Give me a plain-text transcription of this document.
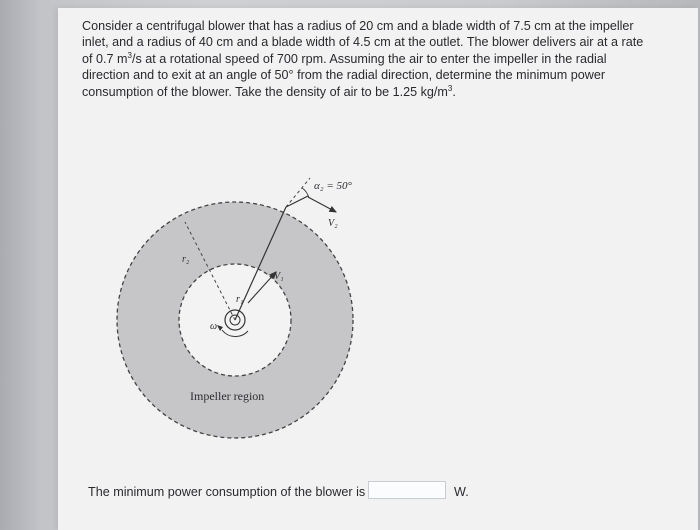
Consider a centrifugal blower that has a radius of 20 cm and a blade width of 7.5 cm at the impeller inlet, and a radius of 40 cm and a blade width of 4.5 cm at the outlet. The blower delivers air at a rate of 0.7 $m^3/s$ at a rotational speed of 700 rpm. Assuming the air to enter the impeller in the radial direction and to exit at an angle of 50° from the radial direction, determine the minimum power consumption of the blower. Take the density of air to be 1.25 $kg/m^3$.

α₂ = 50°
V₂
V₁
r₂
r₁
ω
Impeller region
The minimum power consumption of the blower is	W.
